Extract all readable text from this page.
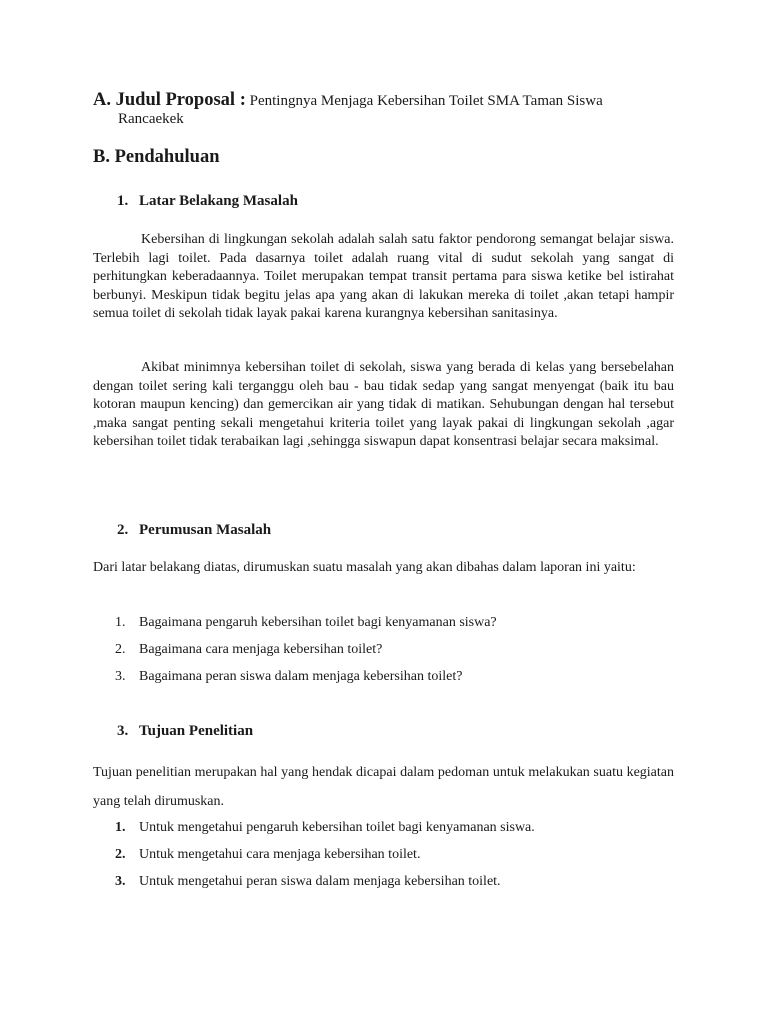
A. Judul Proposal : Pentingnya Menjaga Kebersihan Toilet SMA Taman Siswa
Rancaekek
B. Pendahuluan
1. Latar Belakang Masalah
Kebersihan di lingkungan sekolah adalah salah satu faktor pendorong semangat belajar siswa. Terlebih lagi toilet. Pada dasarnya toilet adalah ruang vital di sudut sekolah yang sangat di perhitungkan keberadaannya. Toilet merupakan tempat transit pertama para siswa ketike bel istirahat berbunyi. Meskipun tidak begitu jelas apa yang akan di lakukan mereka di toilet ,akan tetapi hampir semua toilet di sekolah tidak layak pakai karena kurangnya kebersihan sanitasinya.
Akibat minimnya kebersihan toilet di sekolah, siswa yang berada di kelas yang bersebelahan dengan toilet sering kali terganggu oleh bau - bau tidak sedap yang sangat menyengat (baik itu bau kotoran maupun kencing) dan gemercikan air yang tidak di matikan. Sehubungan dengan hal tersebut ,maka sangat penting sekali mengetahui kriteria toilet yang layak pakai di lingkungan sekolah ,agar kebersihan toilet tidak terabaikan lagi ,sehingga siswapun dapat konsentrasi belajar secara maksimal.
2. Perumusan Masalah
Dari latar belakang diatas, dirumuskan suatu masalah yang akan dibahas dalam laporan ini yaitu:
1. Bagaimana pengaruh kebersihan toilet bagi kenyamanan siswa?
2. Bagaimana cara menjaga kebersihan toilet?
3. Bagaimana peran siswa dalam menjaga kebersihan toilet?
3. Tujuan Penelitian
Tujuan penelitian merupakan hal yang hendak dicapai dalam pedoman untuk melakukan suatu kegiatan yang telah dirumuskan.
1. Untuk mengetahui pengaruh kebersihan toilet bagi kenyamanan siswa.
2. Untuk mengetahui cara menjaga kebersihan toilet.
3. Untuk mengetahui peran siswa dalam menjaga kebersihan toilet.
